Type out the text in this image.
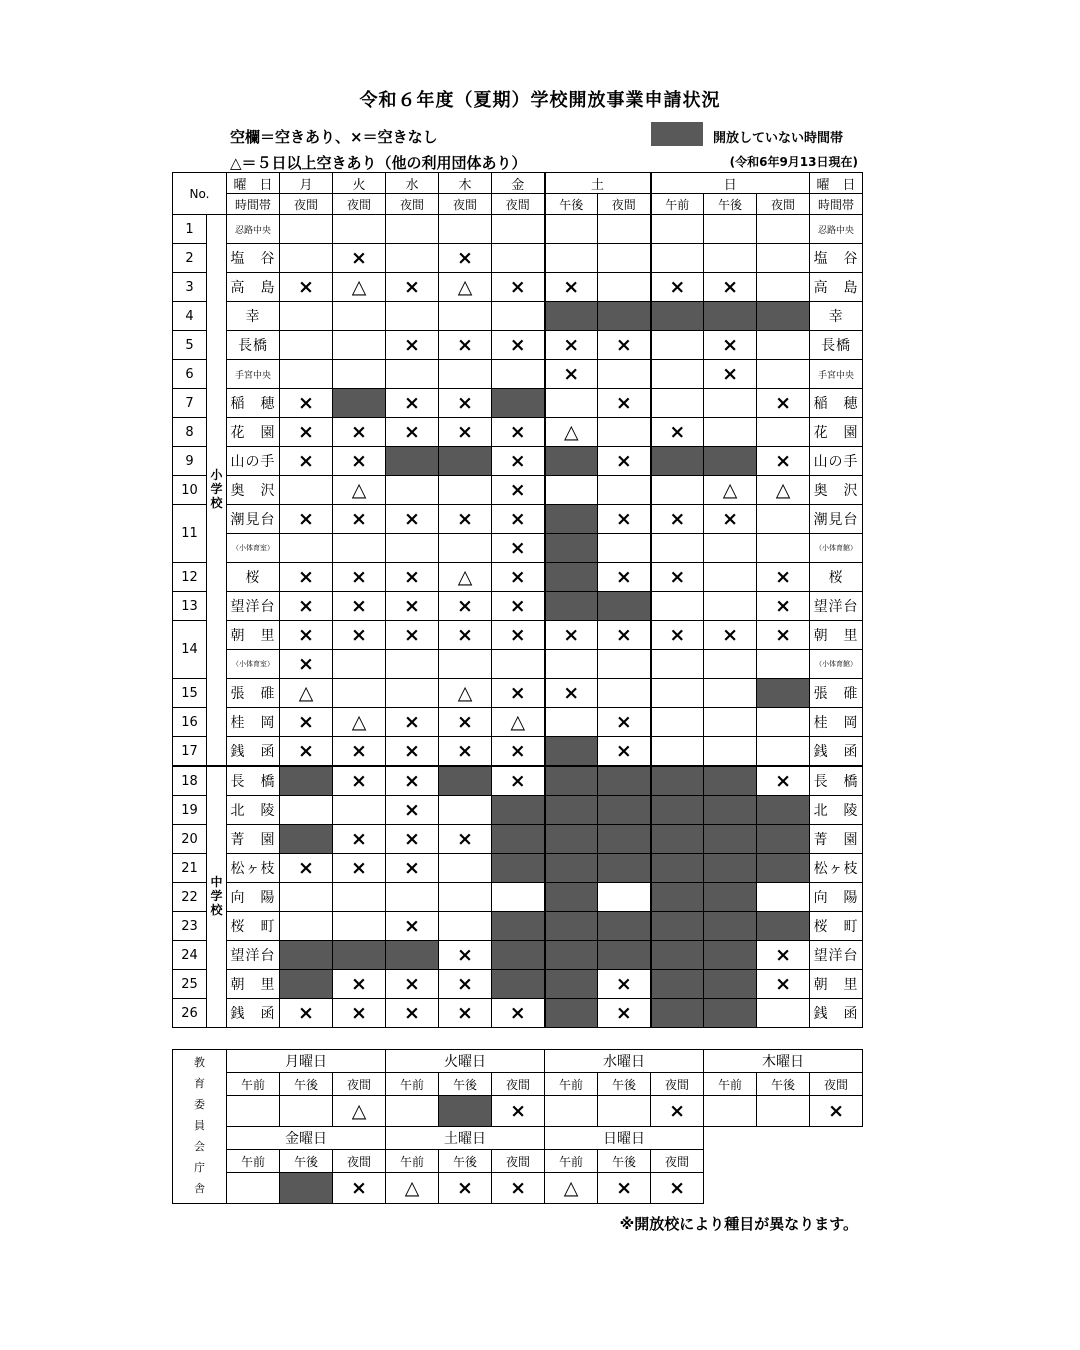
令和６年度（夏期）学校開放事業申請状況
空欄＝空きあり、×＝空きなし
△＝５日以上空きあり（他の利用団体あり）
開放していない時間帯
(令和6年9月13日現在)
No.		曜　日	月	火	水	木	金	土		日			曜　日
		時間帯	夜間	夜間	夜間	夜間	夜間	午後	夜間	午前	午後	夜間	時間帯
1	小学校	忍路中央											忍路中央
2		塩　谷		×		×							塩　谷
3		高　島	×	△	×	△	×	×		×	×		高　島
4		幸											幸
5		長橋			×	×	×	×	×		×		長橋
6		手宮中央						×			×		手宮中央
7		稲　穂	×		×	×			×			×	稲　穂
8		花　園	×	×	×	×	×	△		×			花　園
9		山の手	×	×			×		×			×	山の手
10		奥　沢		△			×				△	△	奥　沢
11		潮見台	×	×	×	×	×		×	×	×		潮見台
		（小体育室）					×						（小体育館）
12		桜	×	×	×	△	×		×	×		×	桜
13		望洋台	×	×	×	×	×					×	望洋台
14		朝　里	×	×	×	×	×	×	×	×	×	×	朝　里
		（小体育室）	×										（小体育館）
15		張　碓	△			△	×	×					張　碓
16		桂　岡	×	△	×	×	△		×				桂　岡
17		銭　函	×	×	×	×	×		×				銭　函
18	中学校	長　橋		×	×		×					×	長　橋
19		北　陵			×								北　陵
20		菁　園		×	×	×							菁　園
21		松ヶ枝	×	×	×								松ヶ枝
22		向　陽											向　陽
23		桜　町			×								桜　町
24		望洋台				×						×	望洋台
25		朝　里		×	×	×			×			×	朝　里
26		銭　函	×	×	×	×	×		×				銭　函
教育委員会庁舎	月曜日			火曜日			水曜日			木曜日		
	午前	午後	夜間	午前	午後	夜間	午前	午後	夜間	午前	午後	夜間
			△			×			×			×
	金曜日			土曜日			日曜日					
	午前	午後	夜間	午前	午後	夜間	午前	午後	夜間			
			×	△	×	×	△	×	×			
※開放校により種目が異なります。
